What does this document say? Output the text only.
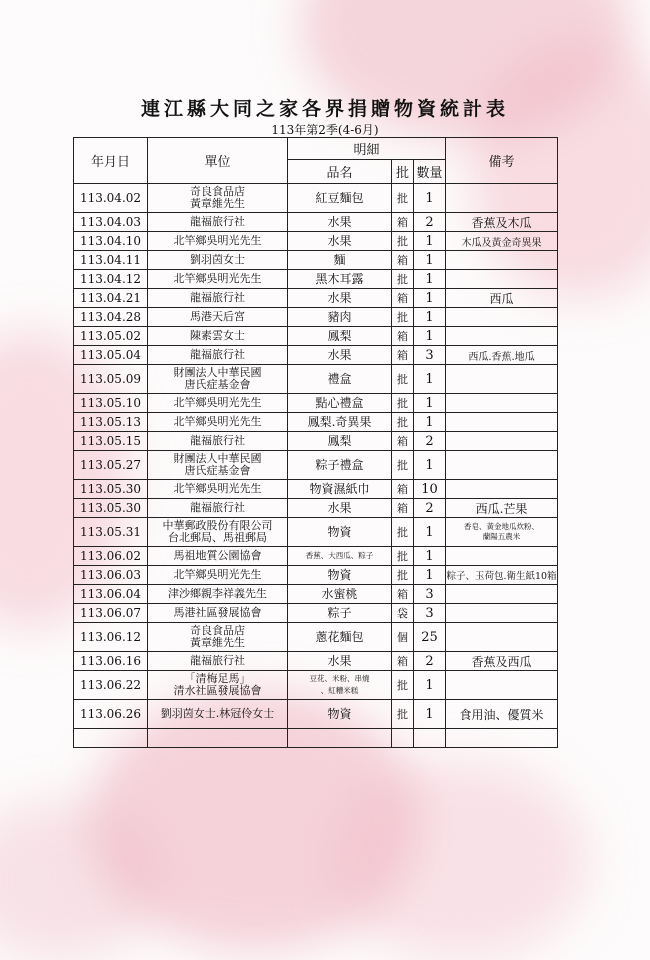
連江縣大同之家各界捐贈物資統計表
113年第2季(4-6月)
年月日	單位	明細			備考
		品名	批	數量	
113.04.02	奇良食品店
黃章維先生	紅豆麵包	批	1	
113.04.03	龍福旅行社	水果	箱	2	香蕉及木瓜
113.04.10	北竿鄉吳明光先生	水果	批	1	木瓜及黃金奇異果
113.04.11	劉羽茵女士	麵	箱	1	
113.04.12	北竿鄉吳明光先生	黑木耳露	批	1	
113.04.21	龍福旅行社	水果	箱	1	西瓜
113.04.28	馬港天后宮	豬肉	批	1	
113.05.02	陳素雲女士	鳳梨	箱	1	
113.05.04	龍福旅行社	水果	箱	3	西瓜.香蕉.地瓜
113.05.09	財團法人中華民國
唐氏症基金會	禮盒	批	1	
113.05.10	北竿鄉吳明光先生	點心禮盒	批	1	
113.05.13	北竿鄉吳明光先生	鳳梨.奇異果	批	1	
113.05.15	龍福旅行社	鳳梨	箱	2	
113.05.27	財團法人中華民國
唐氏症基金會	粽子禮盒	批	1	
113.05.30	北竿鄉吳明光先生	物資濕紙巾	箱	10	
113.05.30	龍福旅行社	水果	箱	2	西瓜.芒果
113.05.31	中華郵政股份有限公司
台北郵局、馬祖郵局	物資	批	1	香皂、黃金地瓜炊粉、
蘭陽五農米

113.06.02	馬祖地質公園協會	香蕉、大西瓜、粽子	批	1	
113.06.03	北竿鄉吳明光先生	物資	批	1	粽子、玉荷包.衛生紙10箱
113.06.04	津沙鄉親李祥義先生	水蜜桃	箱	3	
113.06.07	馬港社區發展協會	粽子	袋	3	
113.06.12	奇良食品店
黃章維先生	蔥花麵包	個	25	
113.06.16	龍福旅行社	水果	箱	2	香蕉及西瓜
113.06.22	「清梅足馬」
清水社區發展協會	豆花、米粉、串燒
、紅糟米糕	批	1	
113.06.26	劉羽茵女士.林冠伶女士	物資	批	1	食用油、優質米
